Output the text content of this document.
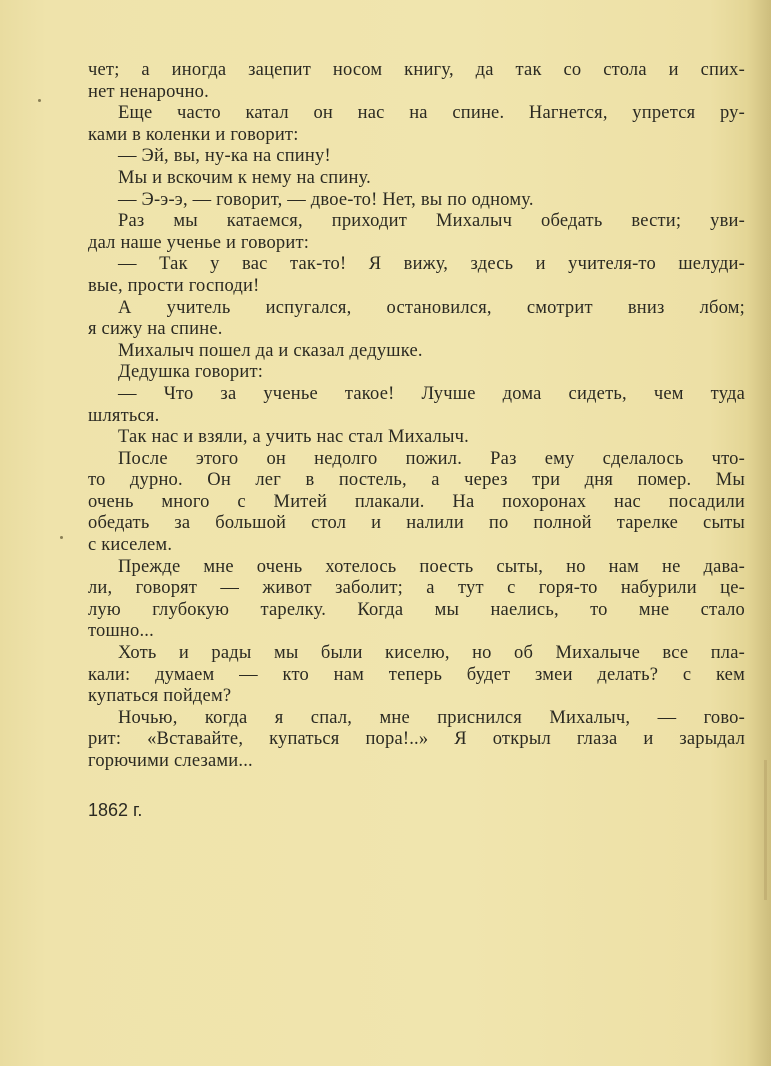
чет; а иногда зацепит носом книгу, да так со стола и спих-
нет ненарочно.
Еще часто катал он нас на спине. Нагнется, упрется ру-
ками в коленки и говорит:
— Эй, вы, ну-ка на спину!
Мы и вскочим к нему на спину.
— Э-э-э, — говорит, — двое-то! Нет, вы по одному.
Раз мы катаемся, приходит Михалыч обедать вести; уви-
дал наше ученье и говорит:
— Так у вас так-то! Я вижу, здесь и учителя-то шелуди-
вые, прости господи!
А учитель испугался, остановился, смотрит вниз лбом;
я сижу на спине.
Михалыч пошел да и сказал дедушке.
Дедушка говорит:
— Что за ученье такое! Лучше дома сидеть, чем туда
шляться.
Так нас и взяли, а учить нас стал Михалыч.
После этого он недолго пожил. Раз ему сделалось что-
то дурно. Он лег в постель, а через три дня помер. Мы
очень много с Митей плакали. На похоронах нас посадили
обедать за большой стол и налили по полной тарелке сыты
с киселем.
Прежде мне очень хотелось поесть сыты, но нам не дава-
ли, говорят — живот заболит; а тут с горя-то набурили це-
лую глубокую тарелку. Когда мы наелись, то мне стало
тошно...
Хоть и рады мы были киселю, но об Михалыче все пла-
кали: думаем — кто нам теперь будет змеи делать? с кем
купаться пойдем?
Ночью, когда я спал, мне приснился Михалыч, — гово-
рит: «Вставайте, купаться пора!..» Я открыл глаза и зарыдал
горючими слезами...
1862 г.
